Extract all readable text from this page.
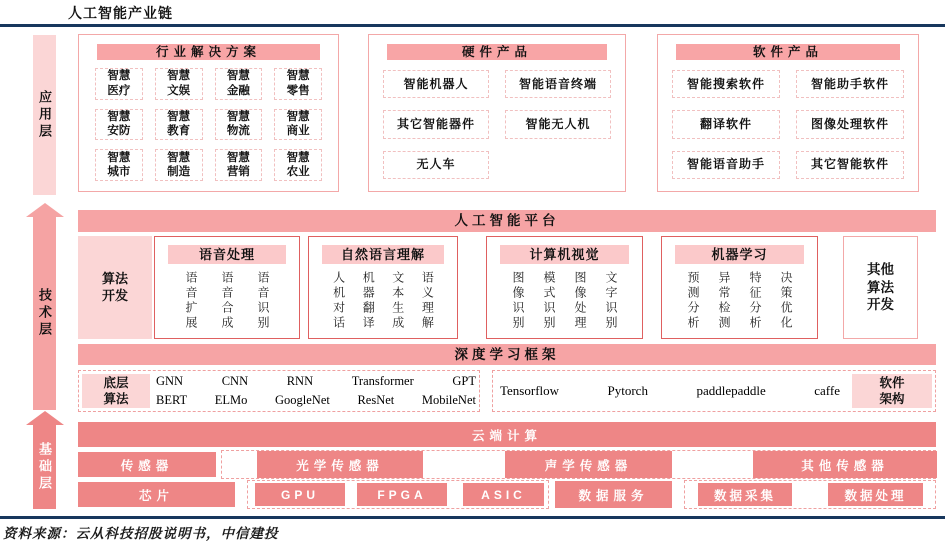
人工智能产业链
资料来源：云从科技招股说明书，中信建投
应用层
技术层
基础层
行业解决方案
智慧医疗
智慧文娱
智慧金融
智慧零售
智慧安防
智慧教育
智慧物流
智慧商业
智慧城市
智慧制造
智慧营销
智慧农业
硬件产品
智能机器人	智能语音终端
其它智能器件	智能无人机
无人车
软件产品
智能搜索软件	智能助手软件
翻译软件	图像处理软件
智能语音助手	其它智能软件
人工智能平台
算法开发
语音处理
语音扩展 语音合成 语音识别
自然语言理解
人机对话 机器翻译 文本生成 语义理解
计算机视觉
图像识别 模式识别 图像处理 文字识别
机器学习
预测分析 异常检测 特征分析 决策优化
其他算法开发
深度学习框架
底层算法
GNN	CNN	RNN	Transformer	GPT
BERT ELMo GoogleNet ResNet MobileNet
Tensorflow	Pytorch	paddlepaddle	caffe
软件架构
云端计算
传感器	光学传感器	声学传感器	其他传感器
芯片	GPU	FPGA	ASIC	数据服务	数据采集	数据处理
